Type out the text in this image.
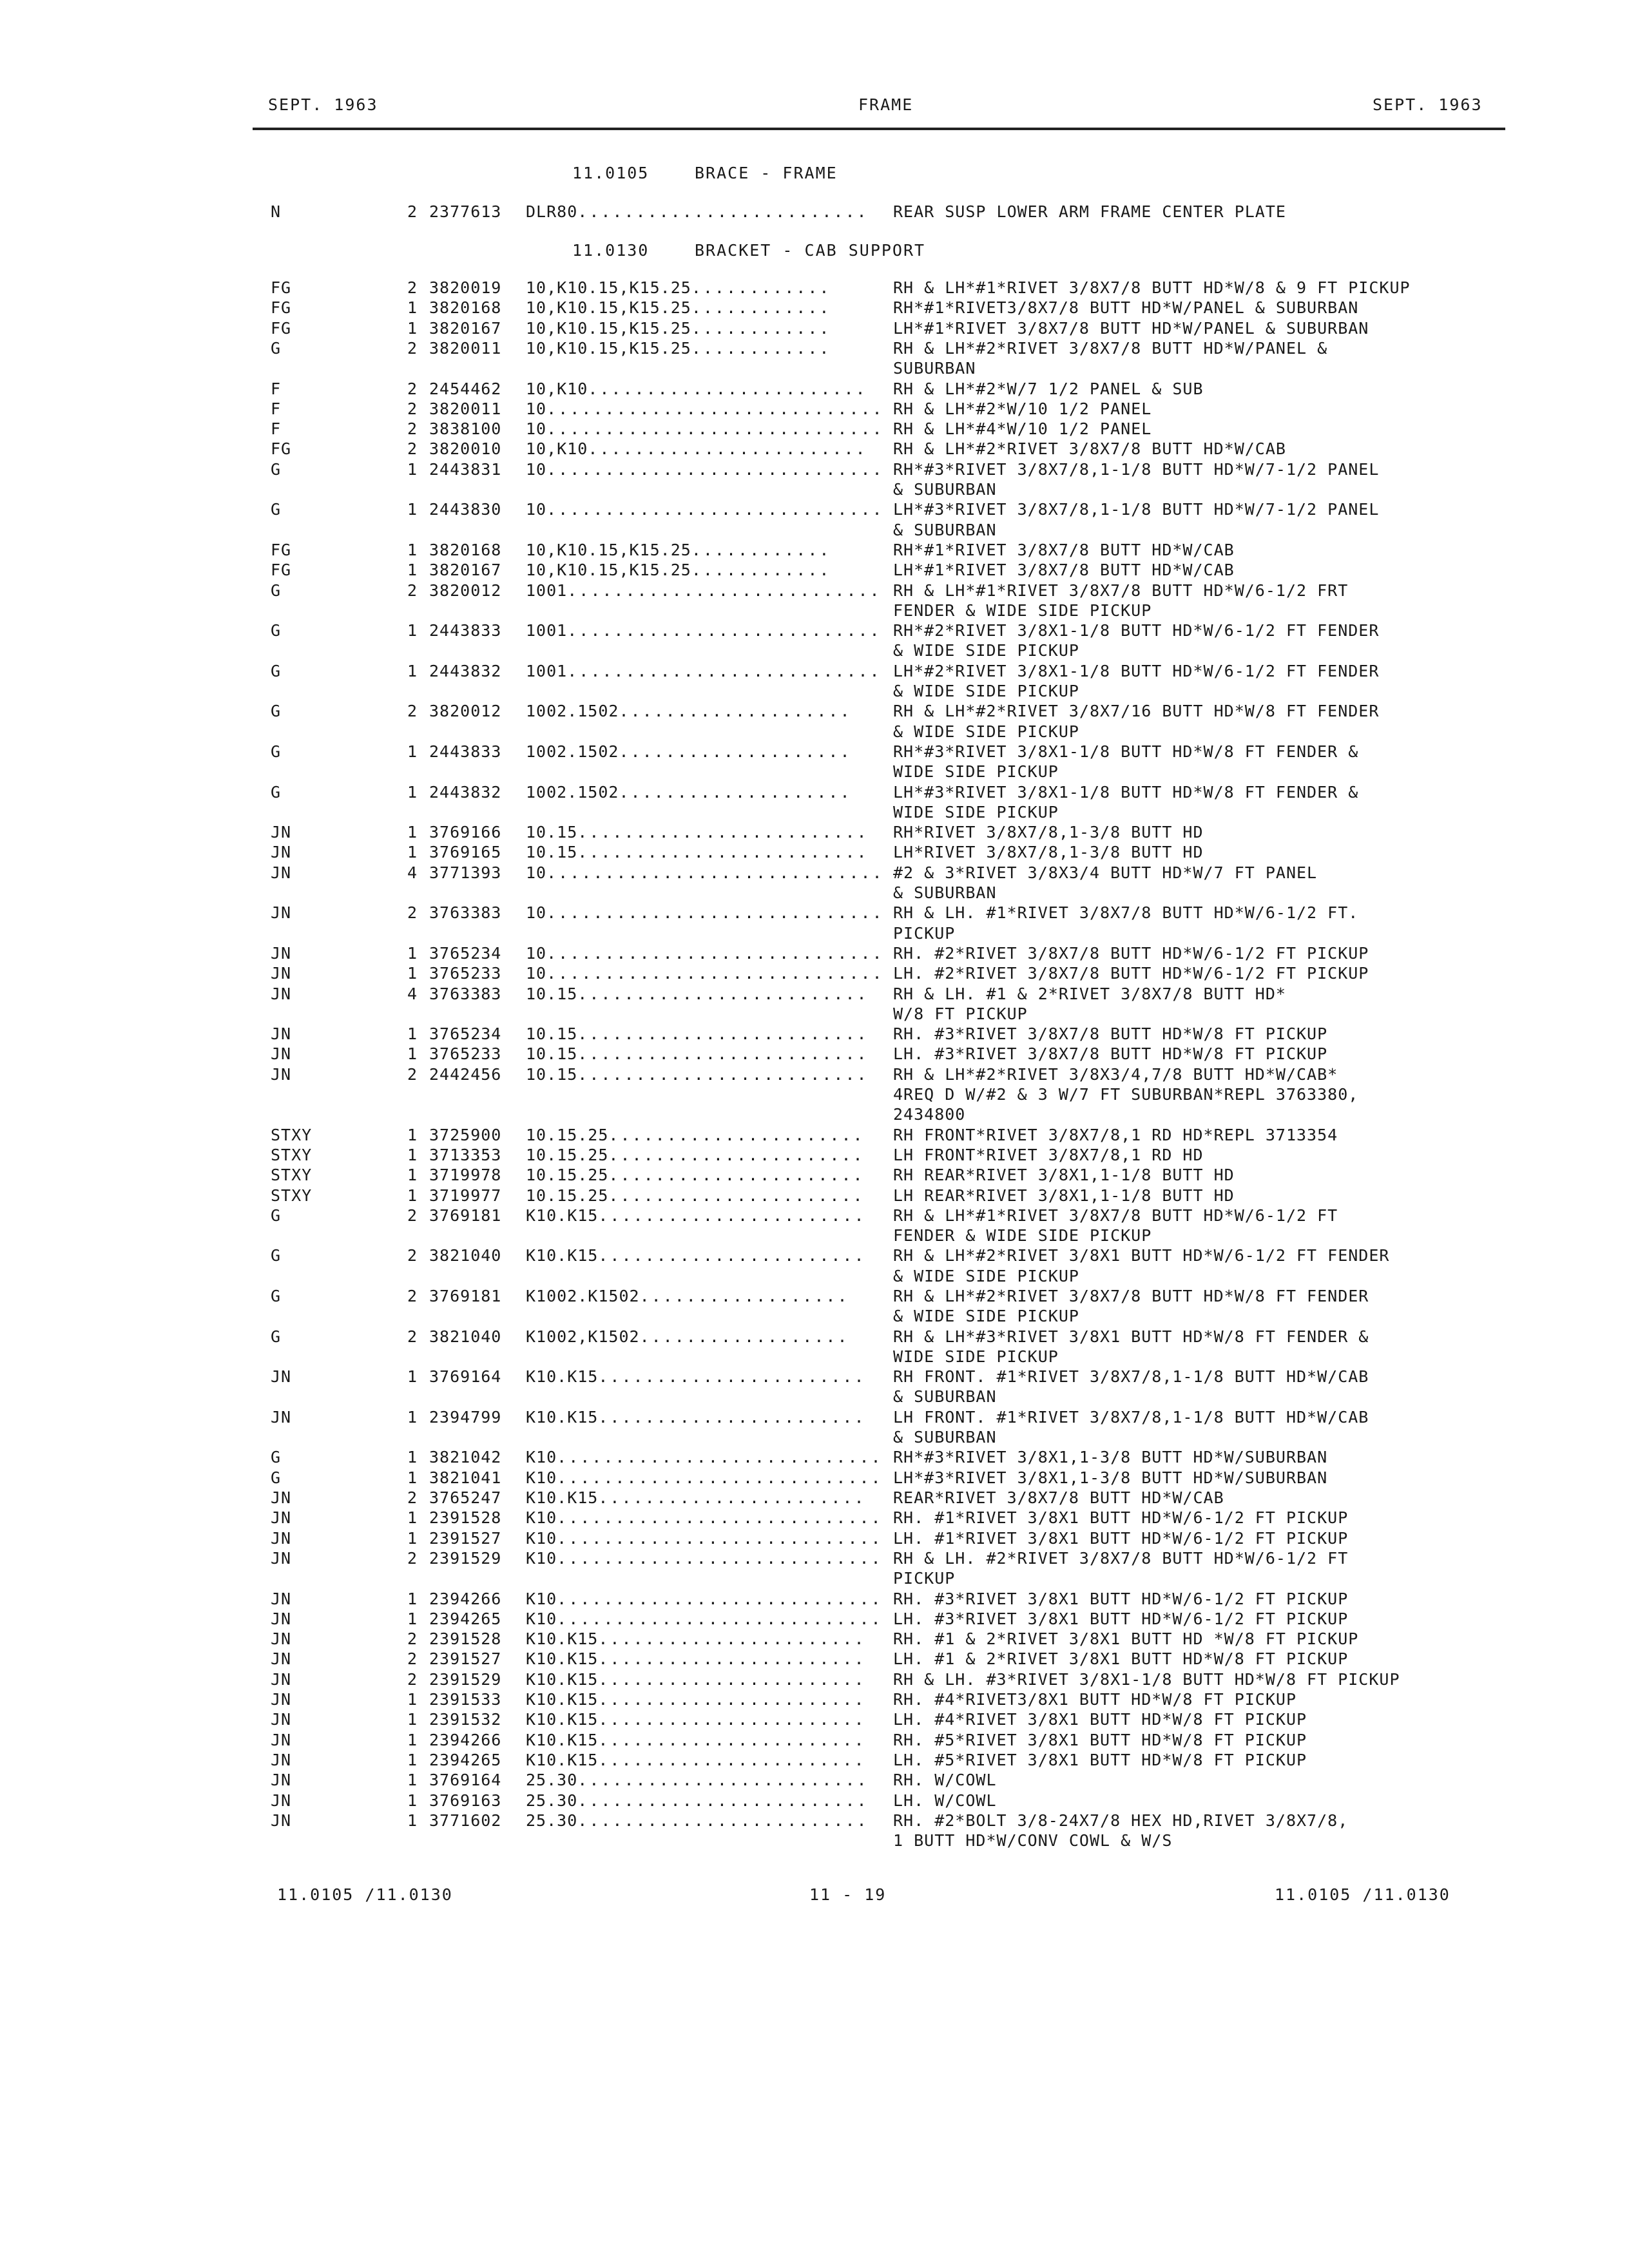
SEPT. 1963	FRAME	SEPT. 1963
11.0105	BRACE - FRAME
N	2 2377613 DLR80.........................	REAR SUSP LOWER ARM FRAME CENTER PLATE
11.0130	BRACKET - CAB SUPPORT
FG	2 3820019 10,K10.15,K15.25............	RH & LH*#1*RIVET 3/8X7/8 BUTT HD*W/8 & 9 FT PICKUP
FG	1 3820168 10,K10.15,K15.25............	RH*#1*RIVET3/8X7/8 BUTT HD*W/PANEL & SUBURBAN
FG	1 3820167 10,K10.15,K15.25............	LH*#1*RIVET 3/8X7/8 BUTT HD*W/PANEL & SUBURBAN
G	2 3820011 10,K10.15,K15.25............	RH & LH*#2*RIVET 3/8X7/8 BUTT HD*W/PANEL &
SUBURBAN
F	2 2454462 10,K10........................	RH & LH*#2*W/7 1/2 PANEL & SUB
F	2 3820011 10............................. RH & LH*#2*W/10 1/2 PANEL
F	2 3838100 10............................. RH & LH*#4*W/10 1/2 PANEL
FG	2 3820010 10,K10........................	RH & LH*#2*RIVET 3/8X7/8 BUTT HD*W/CAB
G	1 2443831 10............................. RH*#3*RIVET 3/8X7/8,1-1/8 BUTT HD*W/7-1/2 PANEL
& SUBURBAN
G	1 2443830 10............................. LH*#3*RIVET 3/8X7/8,1-1/8 BUTT HD*W/7-1/2 PANEL
& SUBURBAN
FG	1 3820168 10,K10.15,K15.25............	RH*#1*RIVET 3/8X7/8 BUTT HD*W/CAB
FG	1 3820167 10,K10.15,K15.25............	LH*#1*RIVET 3/8X7/8 BUTT HD*W/CAB
G	2 3820012 1001........................... RH & LH*#1*RIVET 3/8X7/8 BUTT HD*W/6-1/2 FRT
FENDER & WIDE SIDE PICKUP
G	1 2443833 1001........................... RH*#2*RIVET 3/8X1-1/8 BUTT HD*W/6-1/2 FT FENDER
& WIDE SIDE PICKUP
G	1 2443832 1001........................... LH*#2*RIVET 3/8X1-1/8 BUTT HD*W/6-1/2 FT FENDER
& WIDE SIDE PICKUP
G	2 3820012 1002.1502....................	RH & LH*#2*RIVET 3/8X7/16 BUTT HD*W/8 FT FENDER
& WIDE SIDE PICKUP
G	1 2443833 1002.1502....................	RH*#3*RIVET 3/8X1-1/8 BUTT HD*W/8 FT FENDER &
WIDE SIDE PICKUP
G	1 2443832 1002.1502....................	LH*#3*RIVET 3/8X1-1/8 BUTT HD*W/8 FT FENDER &
WIDE SIDE PICKUP
JN	1 3769166 10.15.........................	RH*RIVET 3/8X7/8,1-3/8 BUTT HD
JN	1 3769165 10.15.........................	LH*RIVET 3/8X7/8,1-3/8 BUTT HD
JN	4 3771393 10............................. #2 & 3*RIVET 3/8X3/4 BUTT HD*W/7 FT PANEL
& SUBURBAN
JN	2 3763383 10............................. RH & LH. #1*RIVET 3/8X7/8 BUTT HD*W/6-1/2 FT.
PICKUP
JN	1 3765234 10............................. RH. #2*RIVET 3/8X7/8 BUTT HD*W/6-1/2 FT PICKUP
JN	1 3765233 10............................. LH. #2*RIVET 3/8X7/8 BUTT HD*W/6-1/2 FT PICKUP
JN	4 3763383 10.15.........................	RH & LH. #1 & 2*RIVET 3/8X7/8 BUTT HD*
W/8 FT PICKUP
JN	1 3765234 10.15.........................	RH. #3*RIVET 3/8X7/8 BUTT HD*W/8 FT PICKUP
JN	1 3765233 10.15.........................	LH. #3*RIVET 3/8X7/8 BUTT HD*W/8 FT PICKUP
JN	2 2442456 10.15.........................	RH & LH*#2*RIVET 3/8X3/4,7/8 BUTT HD*W/CAB*
4REQ D W/#2 & 3 W/7 FT SUBURBAN*REPL 3763380,
2434800
STXY	1 3725900 10.15.25......................	RH FRONT*RIVET 3/8X7/8,1 RD HD*REPL 3713354
STXY	1 3713353 10.15.25......................	LH FRONT*RIVET 3/8X7/8,1 RD HD
STXY	1 3719978 10.15.25......................	RH REAR*RIVET 3/8X1,1-1/8 BUTT HD
STXY	1 3719977 10.15.25......................	LH REAR*RIVET 3/8X1,1-1/8 BUTT HD
G	2 3769181 K10.K15.......................	RH & LH*#1*RIVET 3/8X7/8 BUTT HD*W/6-1/2 FT
FENDER & WIDE SIDE PICKUP
G	2 3821040 K10.K15.......................	RH & LH*#2*RIVET 3/8X1 BUTT HD*W/6-1/2 FT FENDER
& WIDE SIDE PICKUP
G	2 3769181 K1002.K1502..................	RH & LH*#2*RIVET 3/8X7/8 BUTT HD*W/8 FT FENDER
& WIDE SIDE PICKUP
G	2 3821040 K1002,K1502..................	RH & LH*#3*RIVET 3/8X1 BUTT HD*W/8 FT FENDER &
WIDE SIDE PICKUP
JN	1 3769164 K10.K15.......................	RH FRONT. #1*RIVET 3/8X7/8,1-1/8 BUTT HD*W/CAB
& SUBURBAN
JN	1 2394799 K10.K15.......................	LH FRONT. #1*RIVET 3/8X7/8,1-1/8 BUTT HD*W/CAB
& SUBURBAN
G	1 3821042 K10............................ RH*#3*RIVET 3/8X1,1-3/8 BUTT HD*W/SUBURBAN
G	1 3821041 K10............................ LH*#3*RIVET 3/8X1,1-3/8 BUTT HD*W/SUBURBAN
JN	2 3765247 K10.K15.......................	REAR*RIVET 3/8X7/8 BUTT HD*W/CAB
JN	1 2391528 K10............................ RH. #1*RIVET 3/8X1 BUTT HD*W/6-1/2 FT PICKUP
JN	1 2391527 K10............................ LH. #1*RIVET 3/8X1 BUTT HD*W/6-1/2 FT PICKUP
JN	2 2391529 K10............................ RH & LH. #2*RIVET 3/8X7/8 BUTT HD*W/6-1/2 FT
PICKUP
JN	1 2394266 K10............................ RH. #3*RIVET 3/8X1 BUTT HD*W/6-1/2 FT PICKUP
JN	1 2394265 K10............................ LH. #3*RIVET 3/8X1 BUTT HD*W/6-1/2 FT PICKUP
JN	2 2391528 K10.K15.......................	RH. #1 & 2*RIVET 3/8X1 BUTT HD *W/8 FT PICKUP
JN	2 2391527 K10.K15.......................	LH. #1 & 2*RIVET 3/8X1 BUTT HD*W/8 FT PICKUP
JN	2 2391529 K10.K15.......................	RH & LH. #3*RIVET 3/8X1-1/8 BUTT HD*W/8 FT PICKUP
JN	1 2391533 K10.K15.......................	RH. #4*RIVET3/8X1 BUTT HD*W/8 FT PICKUP
JN	1 2391532 K10.K15.......................	LH. #4*RIVET 3/8X1 BUTT HD*W/8 FT PICKUP
JN	1 2394266 K10.K15.......................	RH. #5*RIVET 3/8X1 BUTT HD*W/8 FT PICKUP
JN	1 2394265 K10.K15.......................	LH. #5*RIVET 3/8X1 BUTT HD*W/8 FT PICKUP
JN	1 3769164 25.30.........................	RH. W/COWL
JN	1 3769163 25.30.........................	LH. W/COWL
JN	1 3771602 25.30.........................	RH. #2*BOLT 3/8-24X7/8 HEX HD,RIVET 3/8X7/8,
1 BUTT HD*W/CONV COWL & W/S
11.0105 /11.0130	11 - 19	11.0105 /11.0130
